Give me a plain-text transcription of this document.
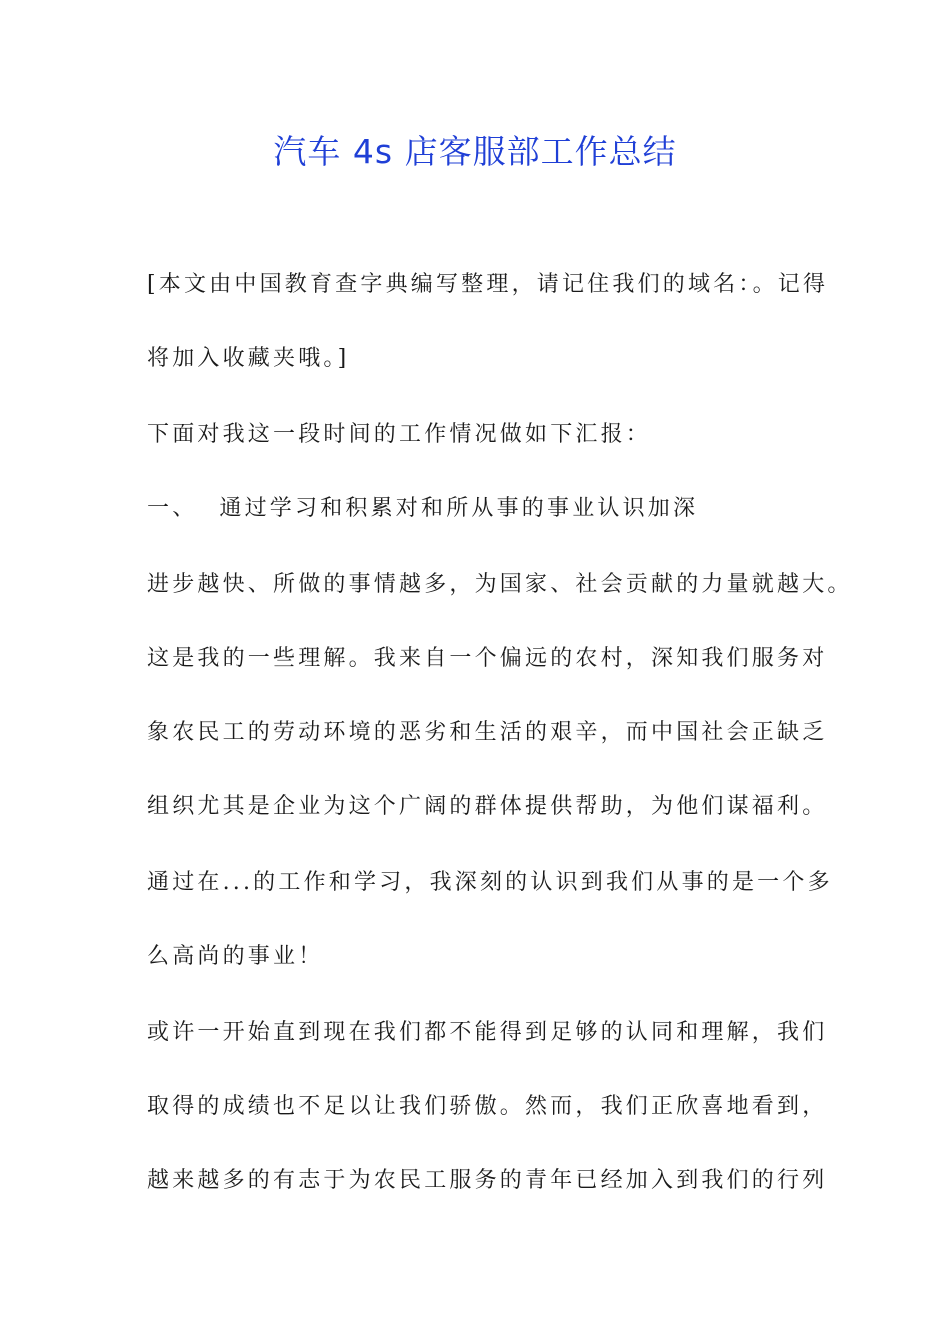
汽车 4s 店客服部工作总结
[本文由中国教育查字典编写整理，请记住我们的域名：。记得
将加入收藏夹哦。]
下面对我这一段时间的工作情况做如下汇报：
一、 通过学习和积累对和所从事的事业认识加深
进步越快、所做的事情越多，为国家、社会贡献的力量就越大。
这是我的一些理解。我来自一个偏远的农村，深知我们服务对
象农民工的劳动环境的恶劣和生活的艰辛，而中国社会正缺乏
组织尤其是企业为这个广阔的群体提供帮助，为他们谋福利。
通过在...的工作和学习，我深刻的认识到我们从事的是一个多
么高尚的事业！
或许一开始直到现在我们都不能得到足够的认同和理解，我们
取得的成绩也不足以让我们骄傲。然而，我们正欣喜地看到，
越来越多的有志于为农民工服务的青年已经加入到我们的行列
